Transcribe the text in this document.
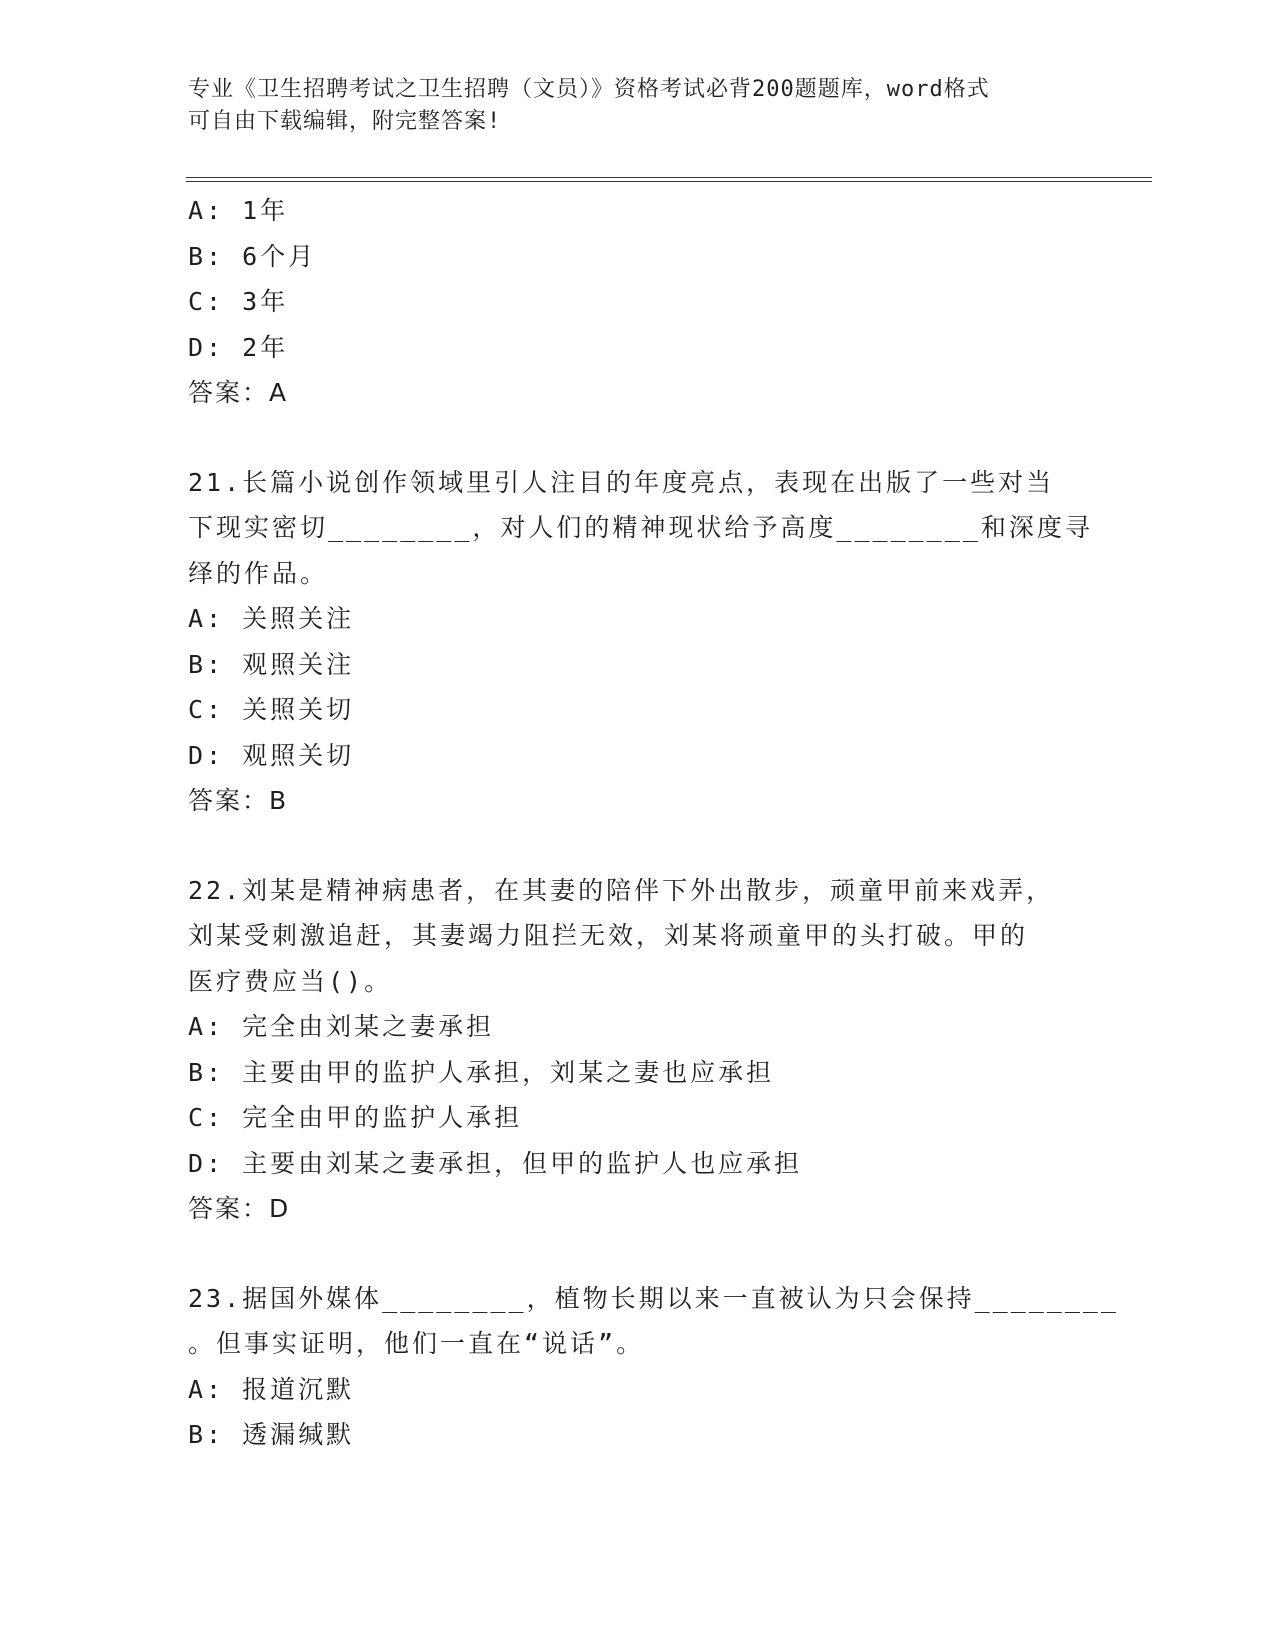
专业《卫生招聘考试之卫生招聘（文员）》资格考试必背200题题库，word格式
可自由下载编辑，附完整答案!
A: 1年
B: 6个月
C: 3年
D: 2年
答案：A
21.长篇小说创作领域里引人注目的年度亮点，表现在出版了一些对当
下现实密切________，对人们的精神现状给予高度________和深度寻
绎的作品。
A: 关照关注
B: 观照关注
C: 关照关切
D: 观照关切
答案：B
22.刘某是精神病患者，在其妻的陪伴下外出散步，顽童甲前来戏弄，
刘某受刺激追赶，其妻竭力阻拦无效，刘某将顽童甲的头打破。甲的
医疗费应当()。
A: 完全由刘某之妻承担
B: 主要由甲的监护人承担，刘某之妻也应承担
C: 完全由甲的监护人承担
D: 主要由刘某之妻承担，但甲的监护人也应承担
答案：D
23.据国外媒体________，植物长期以来一直被认为只会保持________
。但事实证明，他们一直在“说话”。
A: 报道沉默
B: 透漏缄默
